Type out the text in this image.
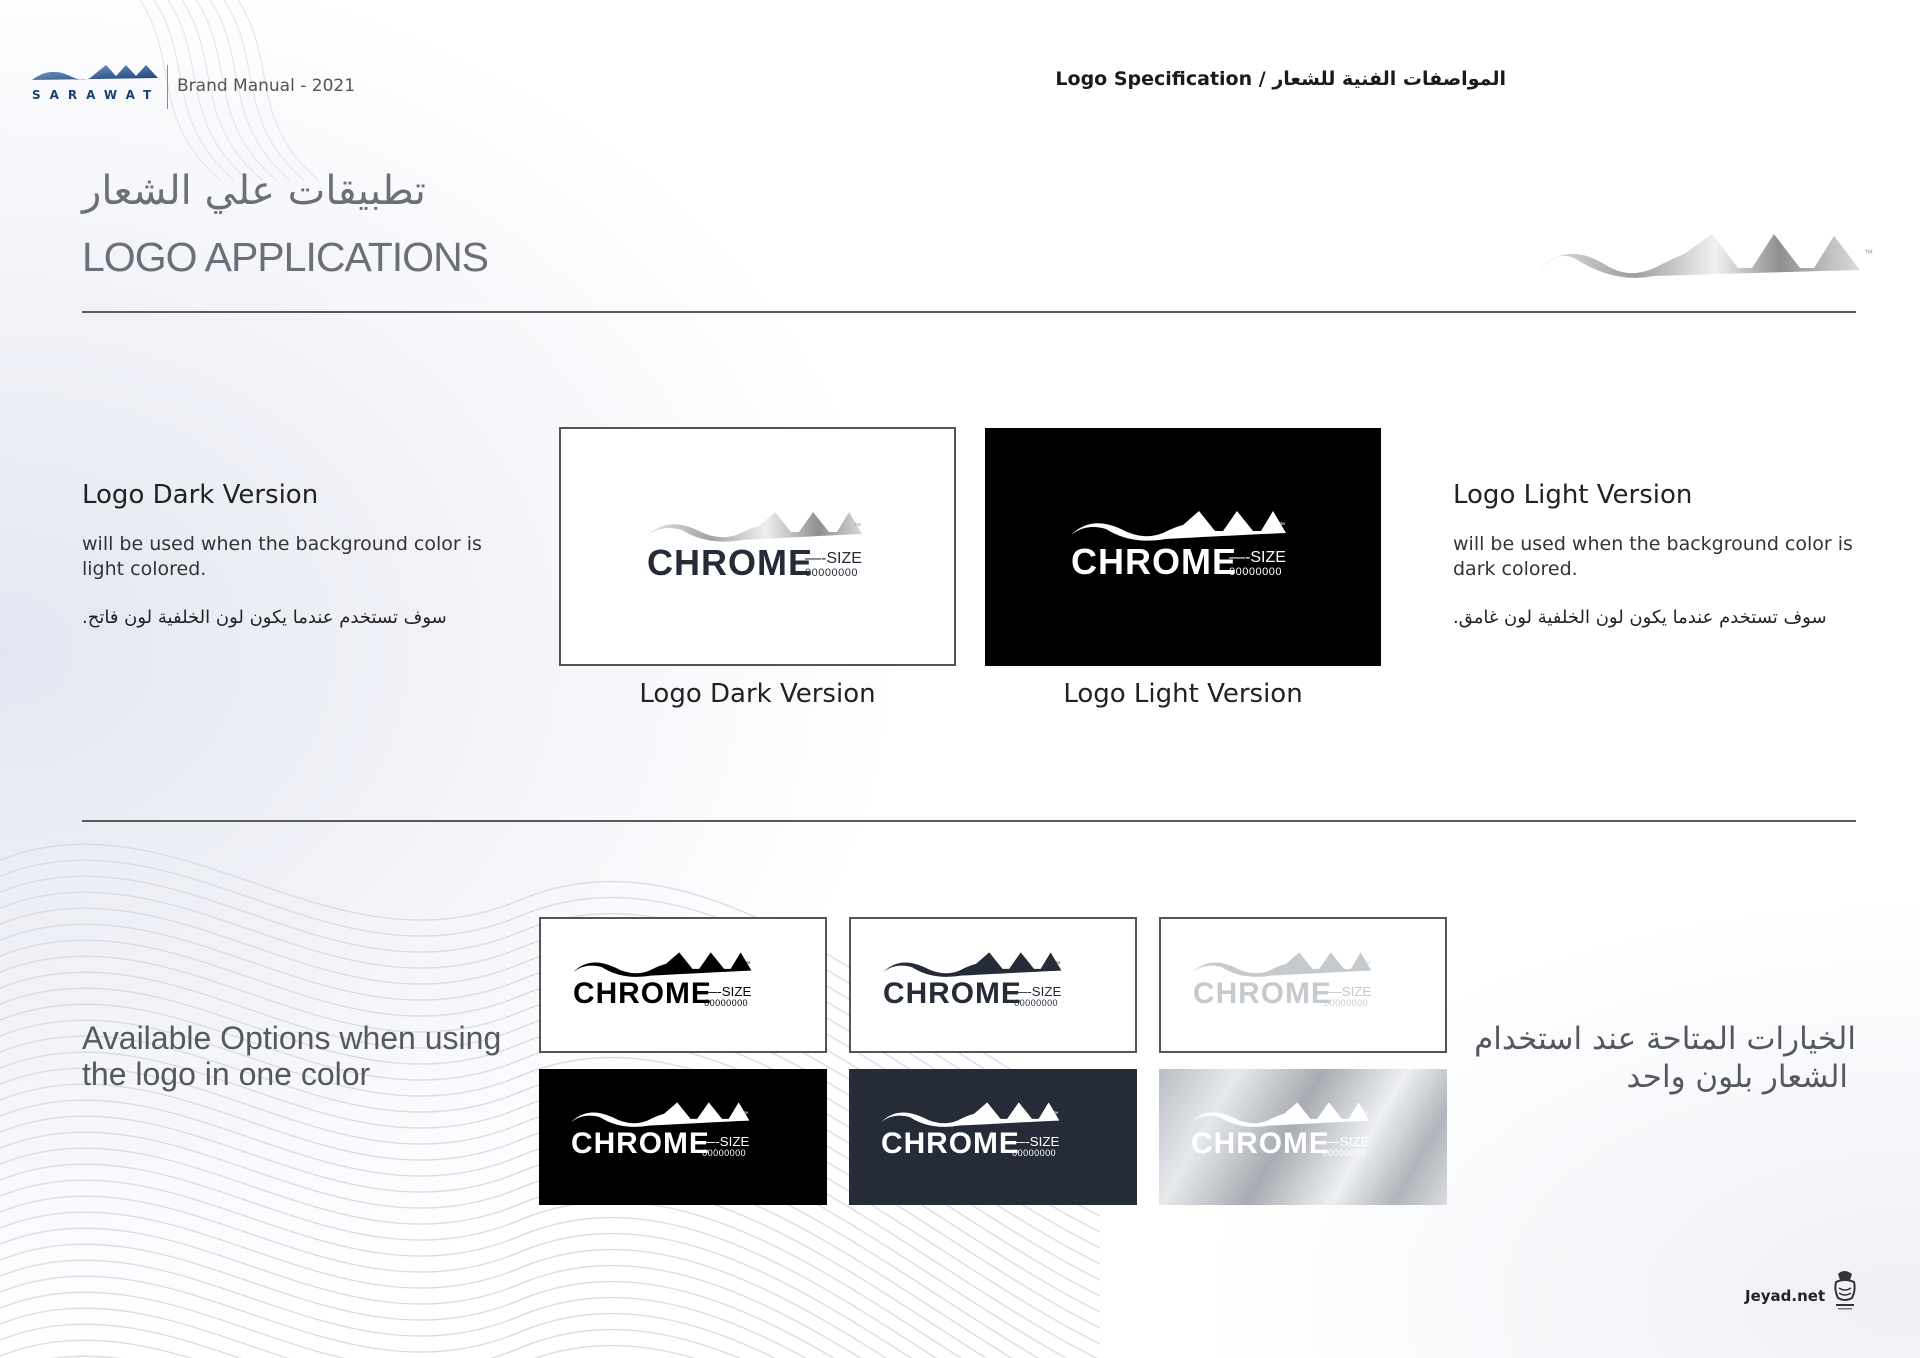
SARAWAT Brand Manual - 2021	Logo Specification / المواصفات الفنية للشعار
تطبيقات علي الشعار
LOGO APPLICATIONS	™
Logo Dark Version
will be used when the background color is light colored.
سوف تستخدم عندما يكون لون الخلفية لون فاتح.
™
CHROME
—-SIZE
00000000
™
CHROME
—-SIZE
00000000
Logo Dark Version	Logo Light Version
Logo Light Version
will be used when the background color is dark colored.
سوف تستخدم عندما يكون لون الخلفية لون غامق.
Available Options when using the logo in one color
الخيارات المتاحة عند استخدام
الشعار بلون واحد
™
CHROME
—-SIZE
00000000
™
CHROME
—-SIZE
00000000
™
CHROME
—-SIZE
00000000
™
CHROME
—-SIZE
00000000
™
CHROME
—-SIZE
00000000
™
CHROME
—-SIZE
00000000
Jeyad.net
